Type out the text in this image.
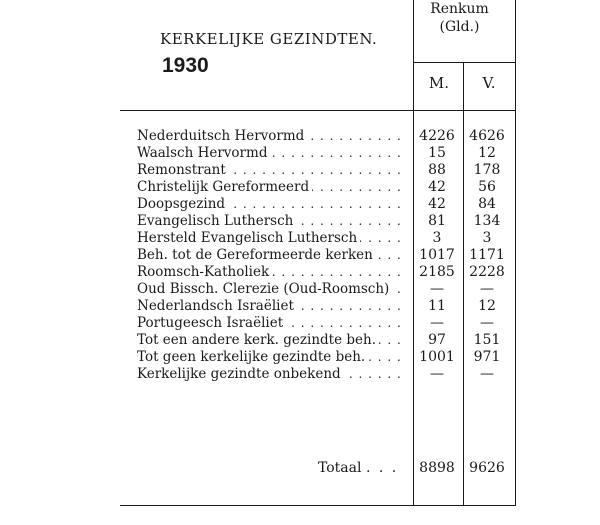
KERKELIJKE GEZINDTEN.
1930
Renkum
(Gld.)
M.	V.
Nederduitsch Hervormd . . .	4226 4626
Waalsch Hervormd . . .	15	12
Remonstrant . . .	88	178
Christelijk Gereformeerd . . .	42	56
Doopsgezind . . .	42	84
Evangelisch Luthersch . . .	81	134
Hersteld Evangelisch Luthersch . . .	3	3
Beh. tot de Gereformeerde kerken . . .	1017 1171
Roomsch-Katholiek . . .	2185 2228
Oud Bissch. Clerezie (Oud-Roomsch) . . .	—	—
Nederlandsch Israëliet . . .	11	12
Portugeesch Israëliet . . .	—	—
Tot een andere kerk. gezindte beh. . . .	97	151
Tot geen kerkelijke gezindte beh. . . .	1001	971
Kerkelijke gezindte onbekend . . .	—	—
Totaal . . . 8898 9626
